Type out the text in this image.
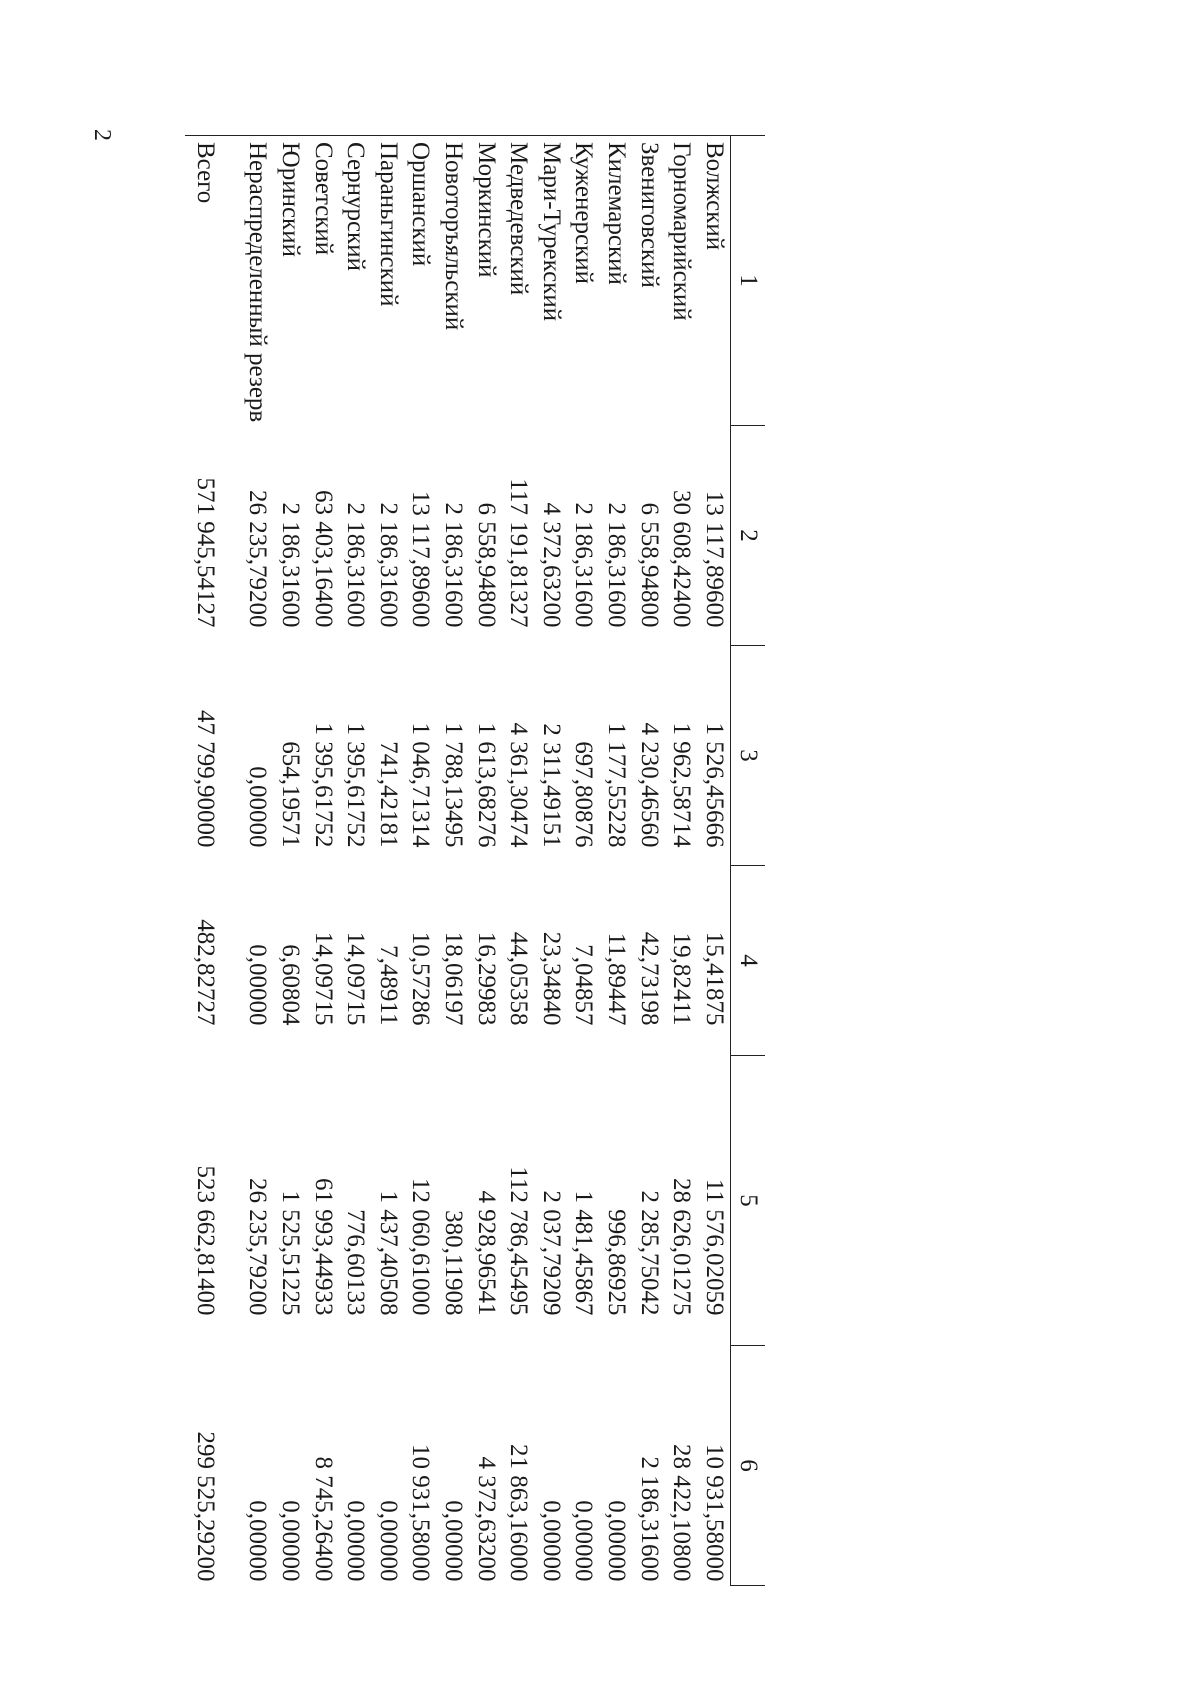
2
1	2	3	4	5	6
Волжский	13 117,89600	1 526,45666	15,41875	11 576,02059	10 931,58000
Горномарийский	30 608,42400	1 962,58714	19,82411	28 626,01275	28 422,10800
Звениговский	6 558,94800	4 230,46560	42,73198	2 285,75042	2 186,31600
Килемарский	2 186,31600	1 177,55228	11,89447	996,86925	0,00000
Куженерский	2 186,31600	697,80876	7,04857	1 481,45867	0,00000
Мари-Турекский	4 372,63200	2 311,49151	23,34840	2 037,79209	0,00000
Медведевский	117 191,81327	4 361,30474	44,05358	112 786,45495	21 863,16000
Моркинский	6 558,94800	1 613,68276	16,29983	4 928,96541	4 372,63200
Новоторъяльский	2 186,31600	1 788,13495	18,06197	380,11908	0,00000
Оршанский	13 117,89600	1 046,71314	10,57286	12 060,61000	10 931,58000
Параньгинский	2 186,31600	741,42181	7,48911	1 437,40508	0,00000
Сернурский	2 186,31600	1 395,61752	14,09715	776,60133	0,00000
Советский	63 403,16400	1 395,61752	14,09715	61 993,44933	8 745,26400
Юринский	2 186,31600	654,19571	6,60804	1 525,51225	0,00000
Нераспределенный резерв	26 235,79200	0,00000	0,00000	26 235,79200	0,00000

Всего	571 945,54127	47 799,90000	482,82727	523 662,81400	299 525,29200
